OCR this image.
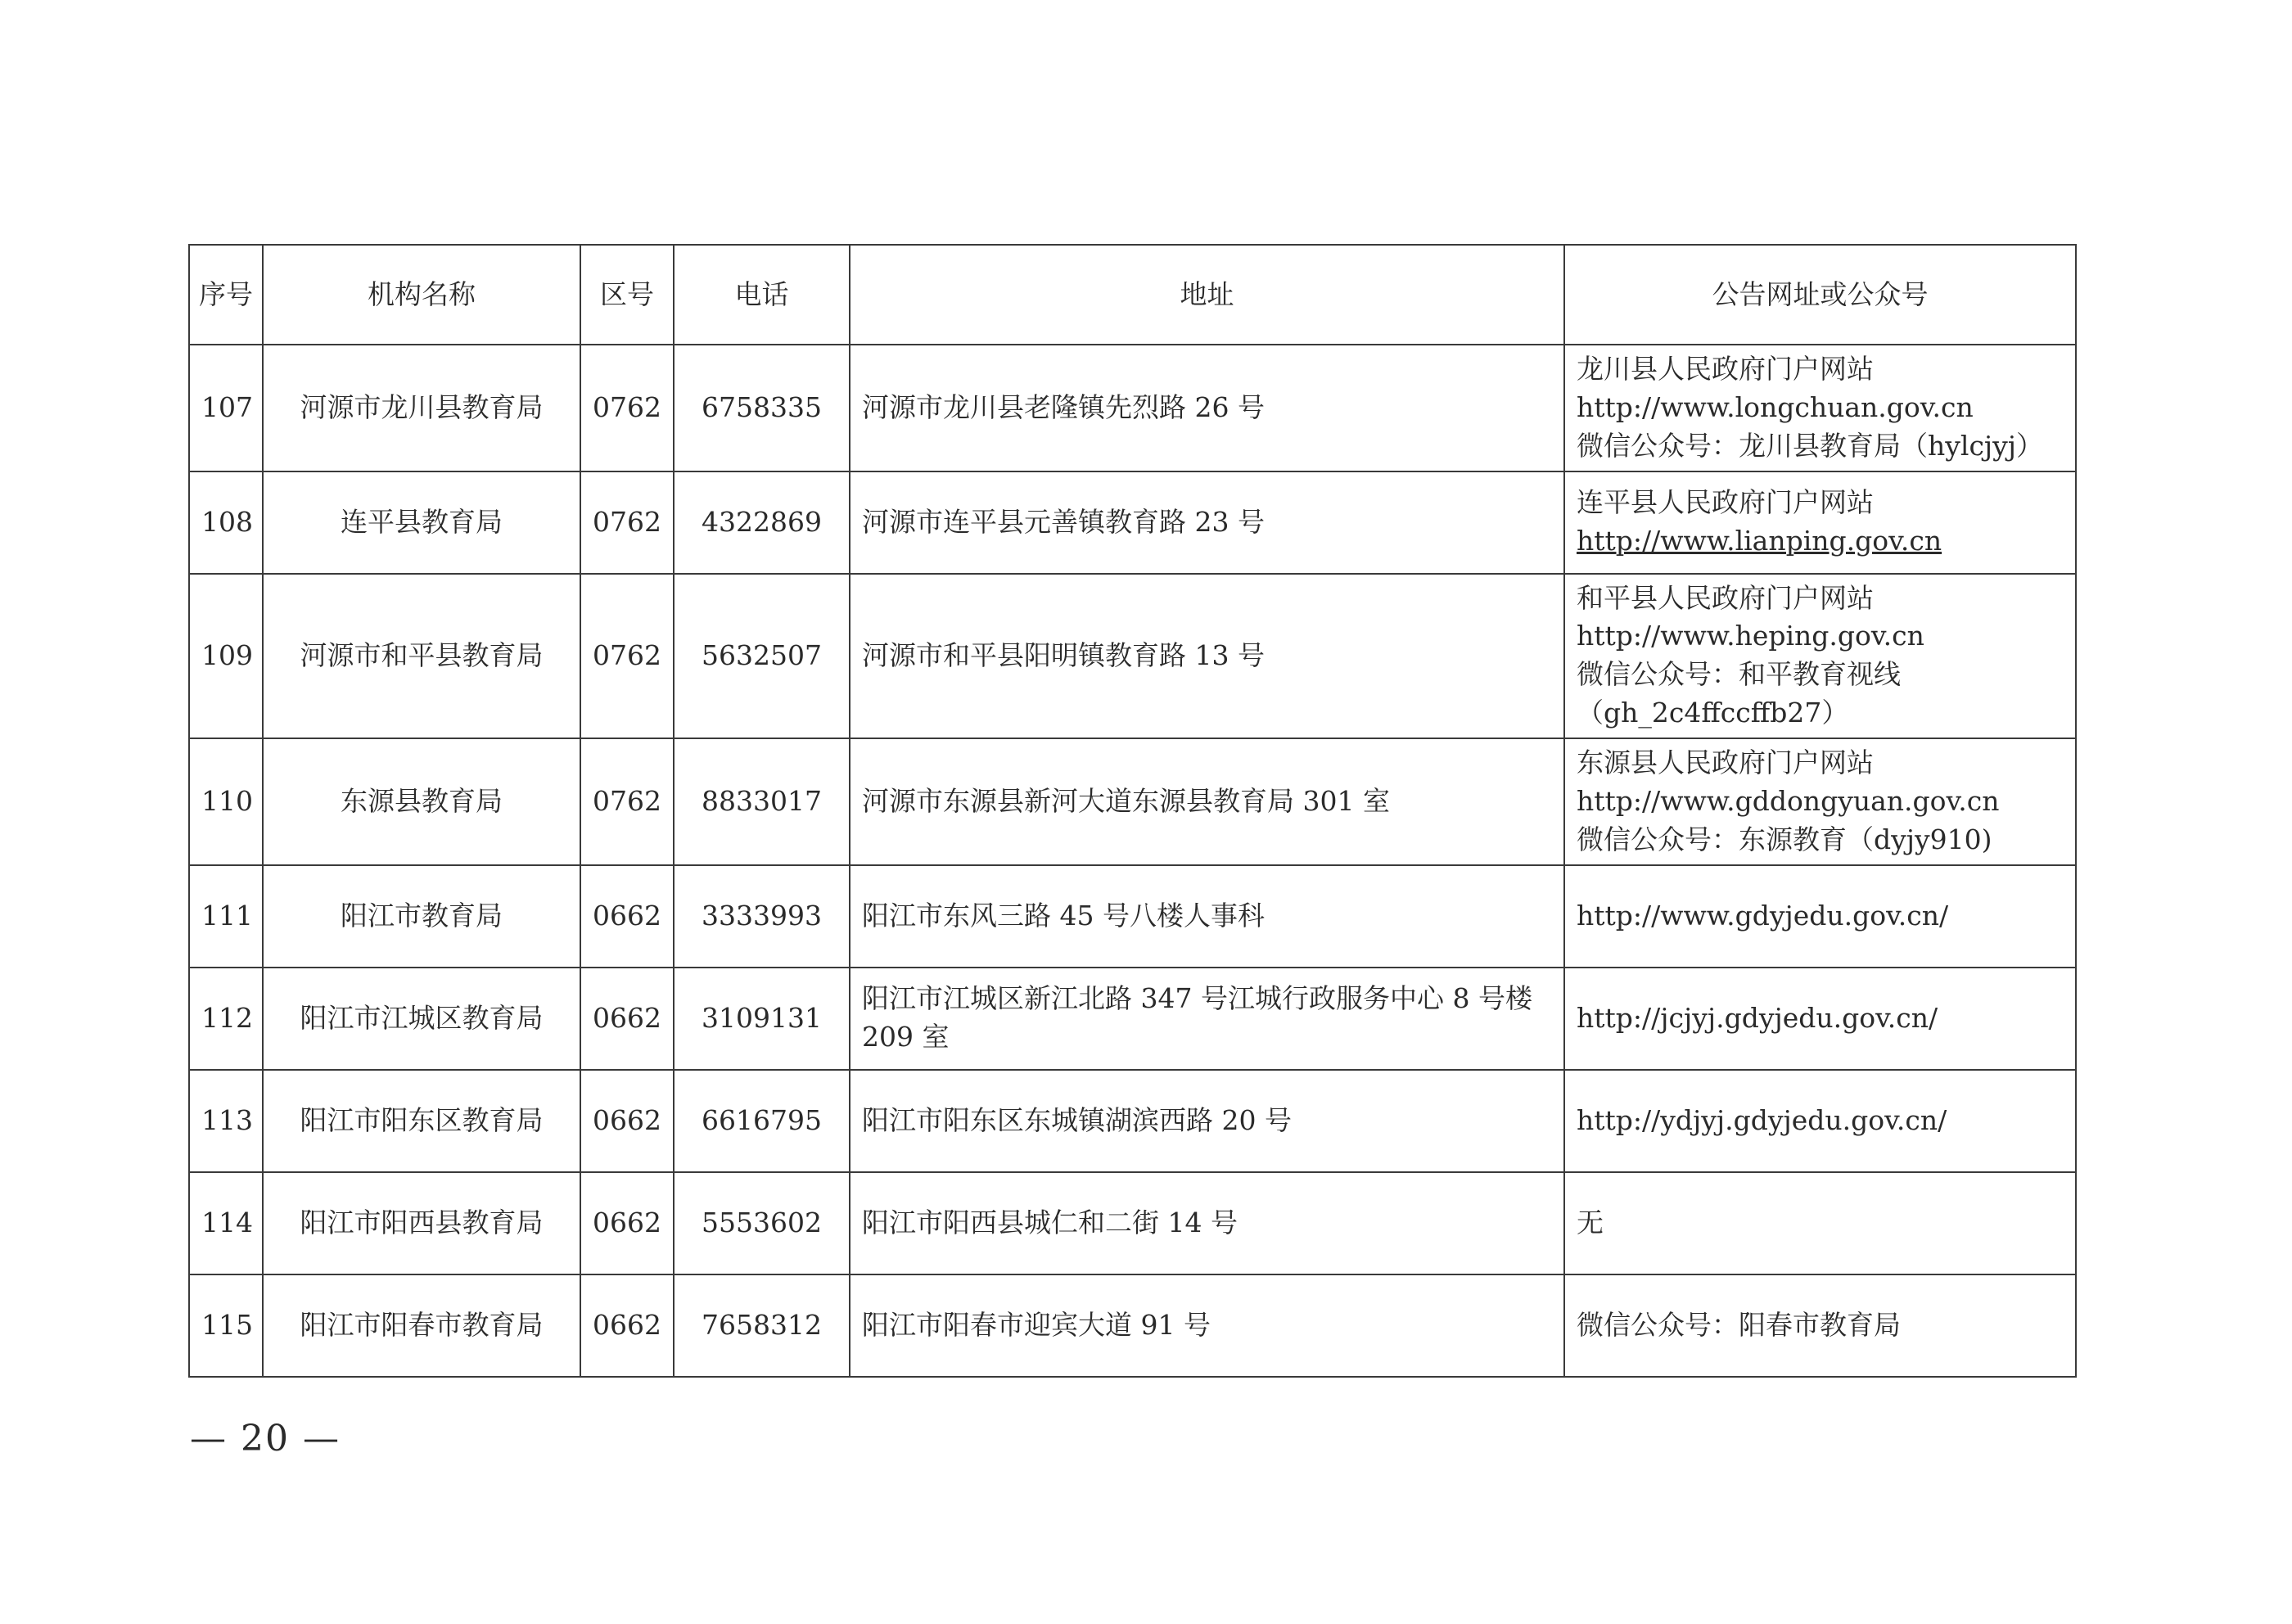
序号	机构名称	区号	电话	地址	公告网址或公众号
107	河源市龙川县教育局	0762	6758335	河源市龙川县老隆镇先烈路 26 号	龙川县人民政府门户网站
http://www.longchuan.gov.cn
微信公众号：龙川县教育局（hylcjyj）

108	连平县教育局	0762	4322869	河源市连平县元善镇教育路 23 号	连平县人民政府门户网站
http://www.lianping.gov.cn

109	河源市和平县教育局	0762	5632507	河源市和平县阳明镇教育路 13 号	和平县人民政府门户网站
http://www.heping.gov.cn
微信公众号：和平教育视线
（gh_2c4ffccffb27）

110	东源县教育局	0762	8833017	河源市东源县新河大道东源县教育局 301 室	东源县人民政府门户网站
http://www.gddongyuan.gov.cn
微信公众号：东源教育（dyjy910)

111	阳江市教育局	0662	3333993	阳江市东风三路 45 号八楼人事科	http://www.gdyjedu.gov.cn/

112	阳江市江城区教育局	0662	3109131	阳江市江城区新江北路 347 号江城行政服务中心 8 号楼 209 室	http://jcjyj.gdyjedu.gov.cn/

113	阳江市阳东区教育局	0662	6616795	阳江市阳东区东城镇湖滨西路 20 号	http://ydjyj.gdyjedu.gov.cn/

114	阳江市阳西县教育局	0662	5553602	阳江市阳西县城仁和二街 14 号	无

115	阳江市阳春市教育局	0662	7658312	阳江市阳春市迎宾大道 91 号	微信公众号：阳春市教育局
— 20 —
